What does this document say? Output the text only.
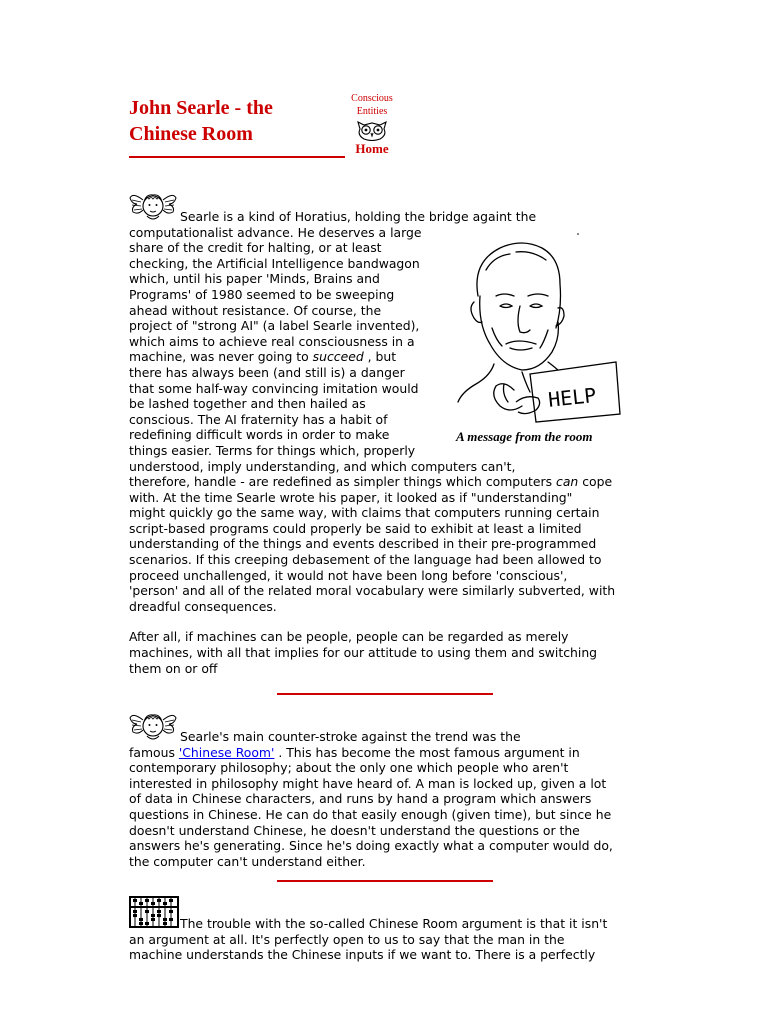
John Searle - the
Chinese Room
Conscious
Entities
Home

Searle is a kind of Horatius, holding the bridge againt the

computationalist advance. He deserves a large

share of the credit for halting, or at least

checking, the Artificial Intelligence bandwagon

which, until his paper 'Minds, Brains and

Programs' of 1980 seemed to be sweeping

ahead without resistance. Of course, the

project of "strong AI" (a label Searle invented),

which aims to achieve real consciousness in a

machine, was never going to succeed , but

there has always been (and still is) a danger

that some half-way convincing imitation would

be lashed together and then hailed as

conscious. The AI fraternity has a habit of

redefining difficult words in order to make

things easier. Terms for things which, properly

understood, imply understanding, and which computers can't,

therefore, handle - are redefined as simpler things which computers can cope

with. At the time Searle wrote his paper, it looked as if "understanding"

might quickly go the same way, with claims that computers running certain

script-based programs could properly be said to exhibit at least a limited

understanding of the things and events described in their pre-programmed

scenarios. If this creeping debasement of the language had been allowed to

proceed unchallenged, it would not have been long before 'conscious',

'person' and all of the related moral vocabulary were similarly subverted, with

dreadful consequences.

After all, if machines can be people, people can be regarded as merely

machines, with all that implies for our attitude to using them and switching

them on or off

HELP
A message from the room

Searle's main counter-stroke against the trend was the

famous 'Chinese Room' . This has become the most famous argument in

contemporary philosophy; about the only one which people who aren't

interested in philosophy might have heard of. A man is locked up, given a lot

of data in Chinese characters, and runs by hand a program which answers

questions in Chinese. He can do that easily enough (given time), but since he

doesn't understand Chinese, he doesn't understand the questions or the

answers he's generating. Since he's doing exactly what a computer would do,

the computer can't understand either.

The trouble with the so-called Chinese Room argument is that it isn't

an argument at all. It's perfectly open to us to say that the man in the

machine understands the Chinese inputs if we want to. There is a perfectly
